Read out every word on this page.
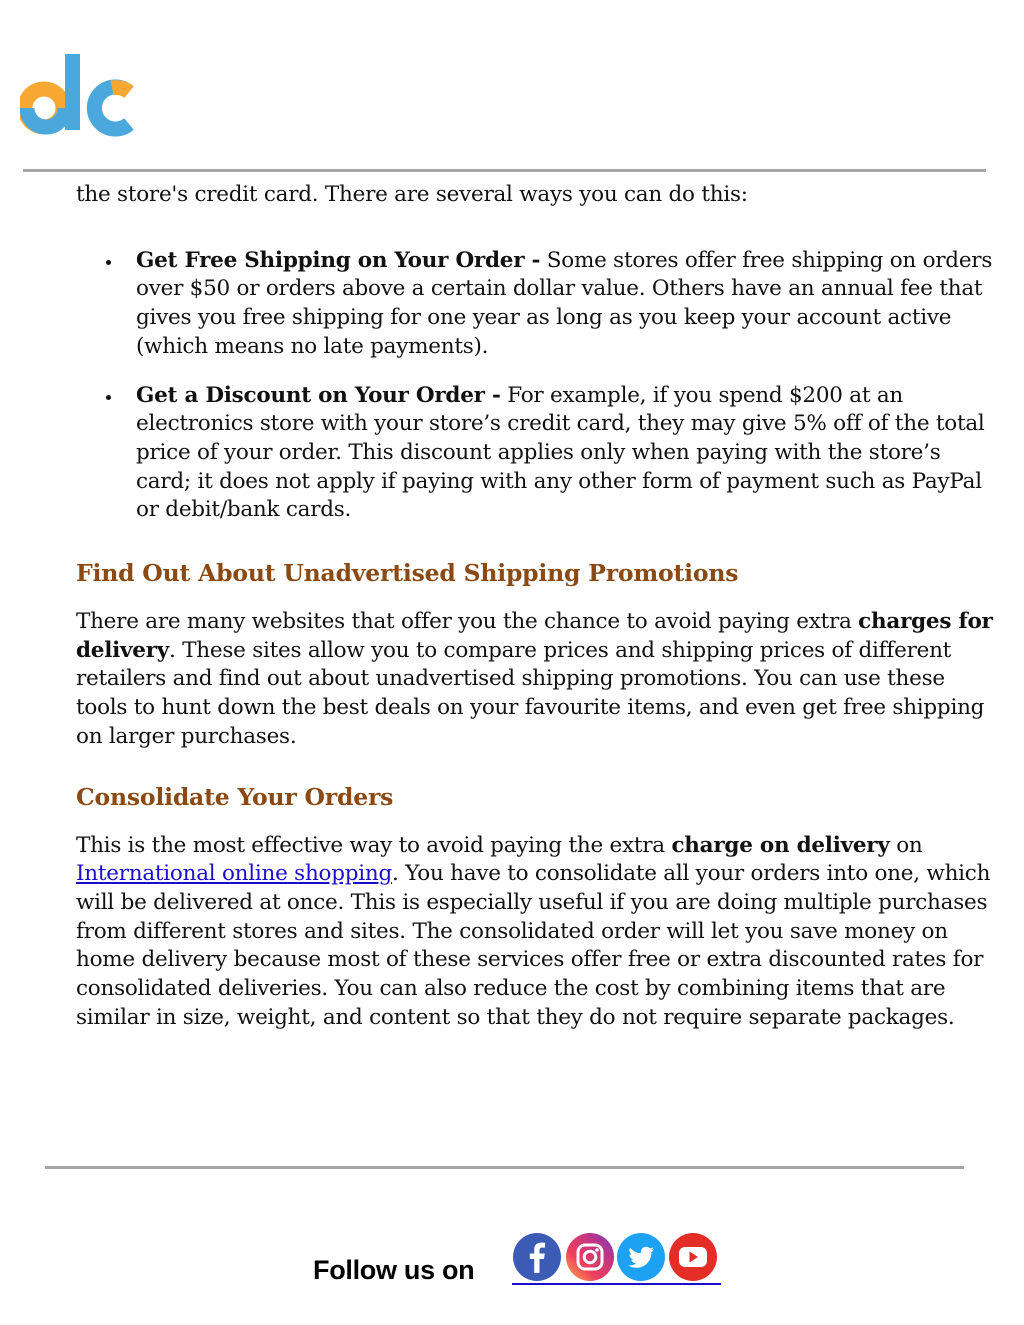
the store's credit card. There are several ways you can do this:

Get Free Shipping on Your Order - Some stores offer free shipping on orders over $50 or orders above a certain dollar value. Others have an annual fee that gives you free shipping for one year as long as you keep your account active (which means no late payments).
Get a Discount on Your Order - For example, if you spend $200 at an electronics store with your store’s credit card, they may give 5% off of the total price of your order. This discount applies only when paying with the store’s card; it does not apply if paying with any other form of payment such as PayPal or debit/bank cards.
Find Out About Unadvertised Shipping Promotions

There are many websites that offer you the chance to avoid paying extra charges for delivery. These sites allow you to compare prices and shipping prices of different retailers and find out about unadvertised shipping promotions. You can use these tools to hunt down the best deals on your favourite items, and even get free shipping on larger purchases.

Consolidate Your Orders

This is the most effective way to avoid paying the extra charge on delivery on International online shopping. You have to consolidate all your orders into one, which will be delivered at once. This is especially useful if you are doing multiple purchases from different stores and sites. The consolidated order will let you save money on home delivery because most of these services offer free or extra discounted rates for consolidated deliveries. You can also reduce the cost by combining items that are similar in size, weight, and content so that they do not require separate packages.

Follow us on
